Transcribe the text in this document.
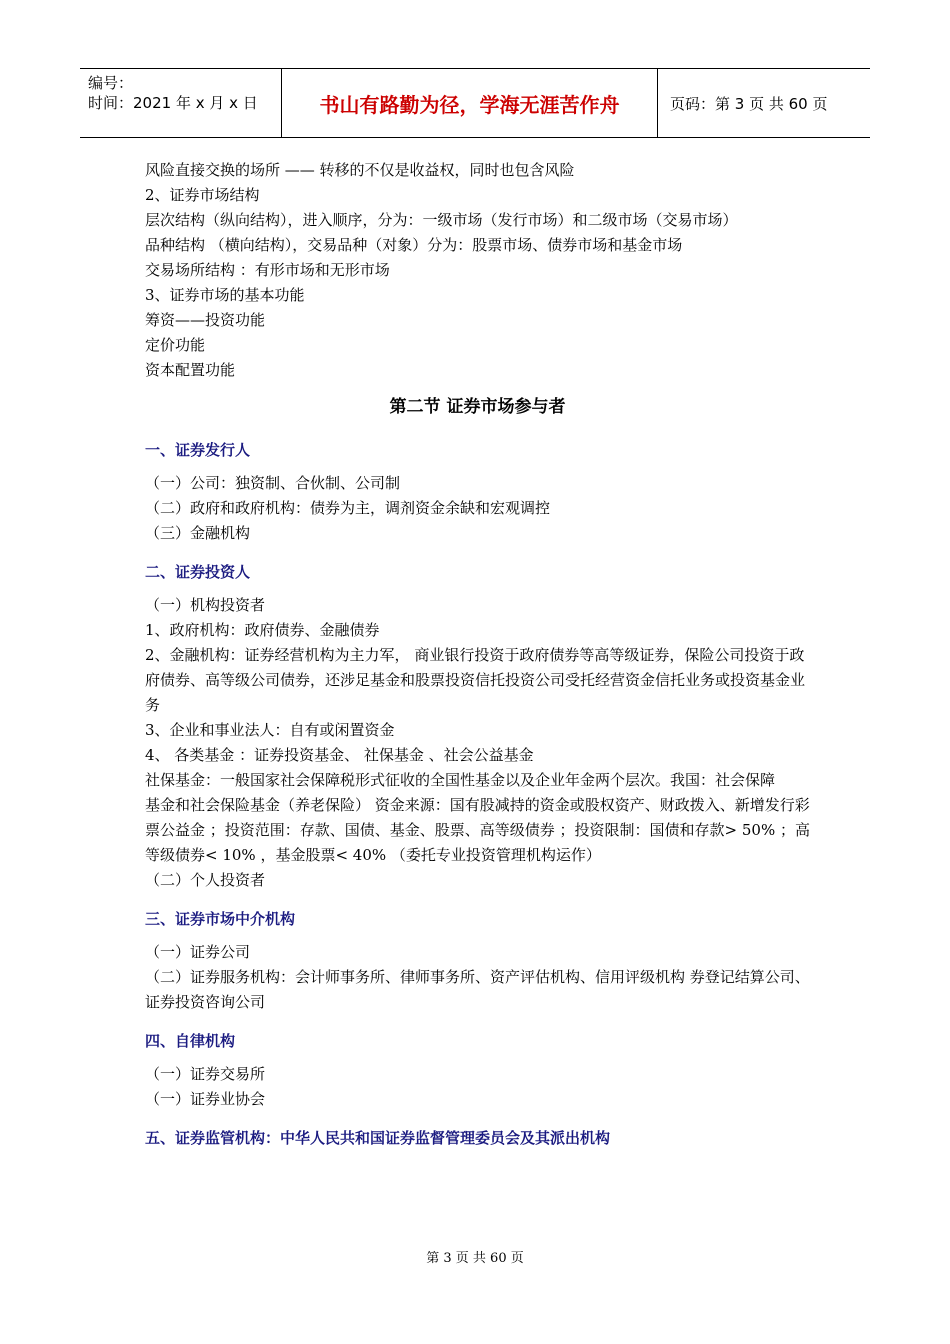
编号：
时间：2021 年 x 月 x 日	书山有路勤为径，学海无涯苦作舟	页码：第 3 页 共 60 页
风险直接交换的场所 —— 转移的不仅是收益权，同时也包含风险
2、证券市场结构
层次结构（纵向结构），进入顺序，分为：一级市场（发行市场）和二级市场（交易市场）
品种结构 （横向结构），交易品种（对象）分为：股票市场、债券市场和基金市场
交易场所结构 ：有形市场和无形市场
3、证券市场的基本功能
筹资——投资功能
定价功能
资本配置功能
第二节 证券市场参与者
一、证券发行人
（一）公司：独资制、合伙制、公司制
（二）政府和政府机构：债券为主，调剂资金余缺和宏观调控
（三）金融机构
二、证券投资人
（一）机构投资者
1、政府机构：政府债券、金融债券
2、金融机构：证券经营机构为主力军， 商业银行投资于政府债券等高等级证券，保险公司投资于政府债券、高等级公司债券，还涉足基金和股票投资信托投资公司受托经营资金信托业务或投资基金业务
3、企业和事业法人：自有或闲置资金
4、 各类基金 ：证券投资基金、 社保基金 、社会公益基金
社保基金：一般国家社会保障税形式征收的全国性基金以及企业年金两个层次。我国：社会保障
基金和社会保险基金（养老保险） 资金来源：国有股减持的资金或股权资产、财政拨入、新增发行彩票公益金 ；投资范围：存款、国债、基金、股票、高等级债券 ；投资限制：国债和存款> 50% ；高等级债券< 10% ，基金股票< 40% （委托专业投资管理机构运作）
（二）个人投资者
三、证券市场中介机构
（一）证券公司
（二）证券服务机构：会计师事务所、律师事务所、资产评估机构、信用评级机构 券登记结算公司、证券投资咨询公司
四、自律机构
（一）证券交易所
（一）证券业协会
五、证券监管机构：中华人民共和国证券监督管理委员会及其派出机构
第 3 页 共 60 页
